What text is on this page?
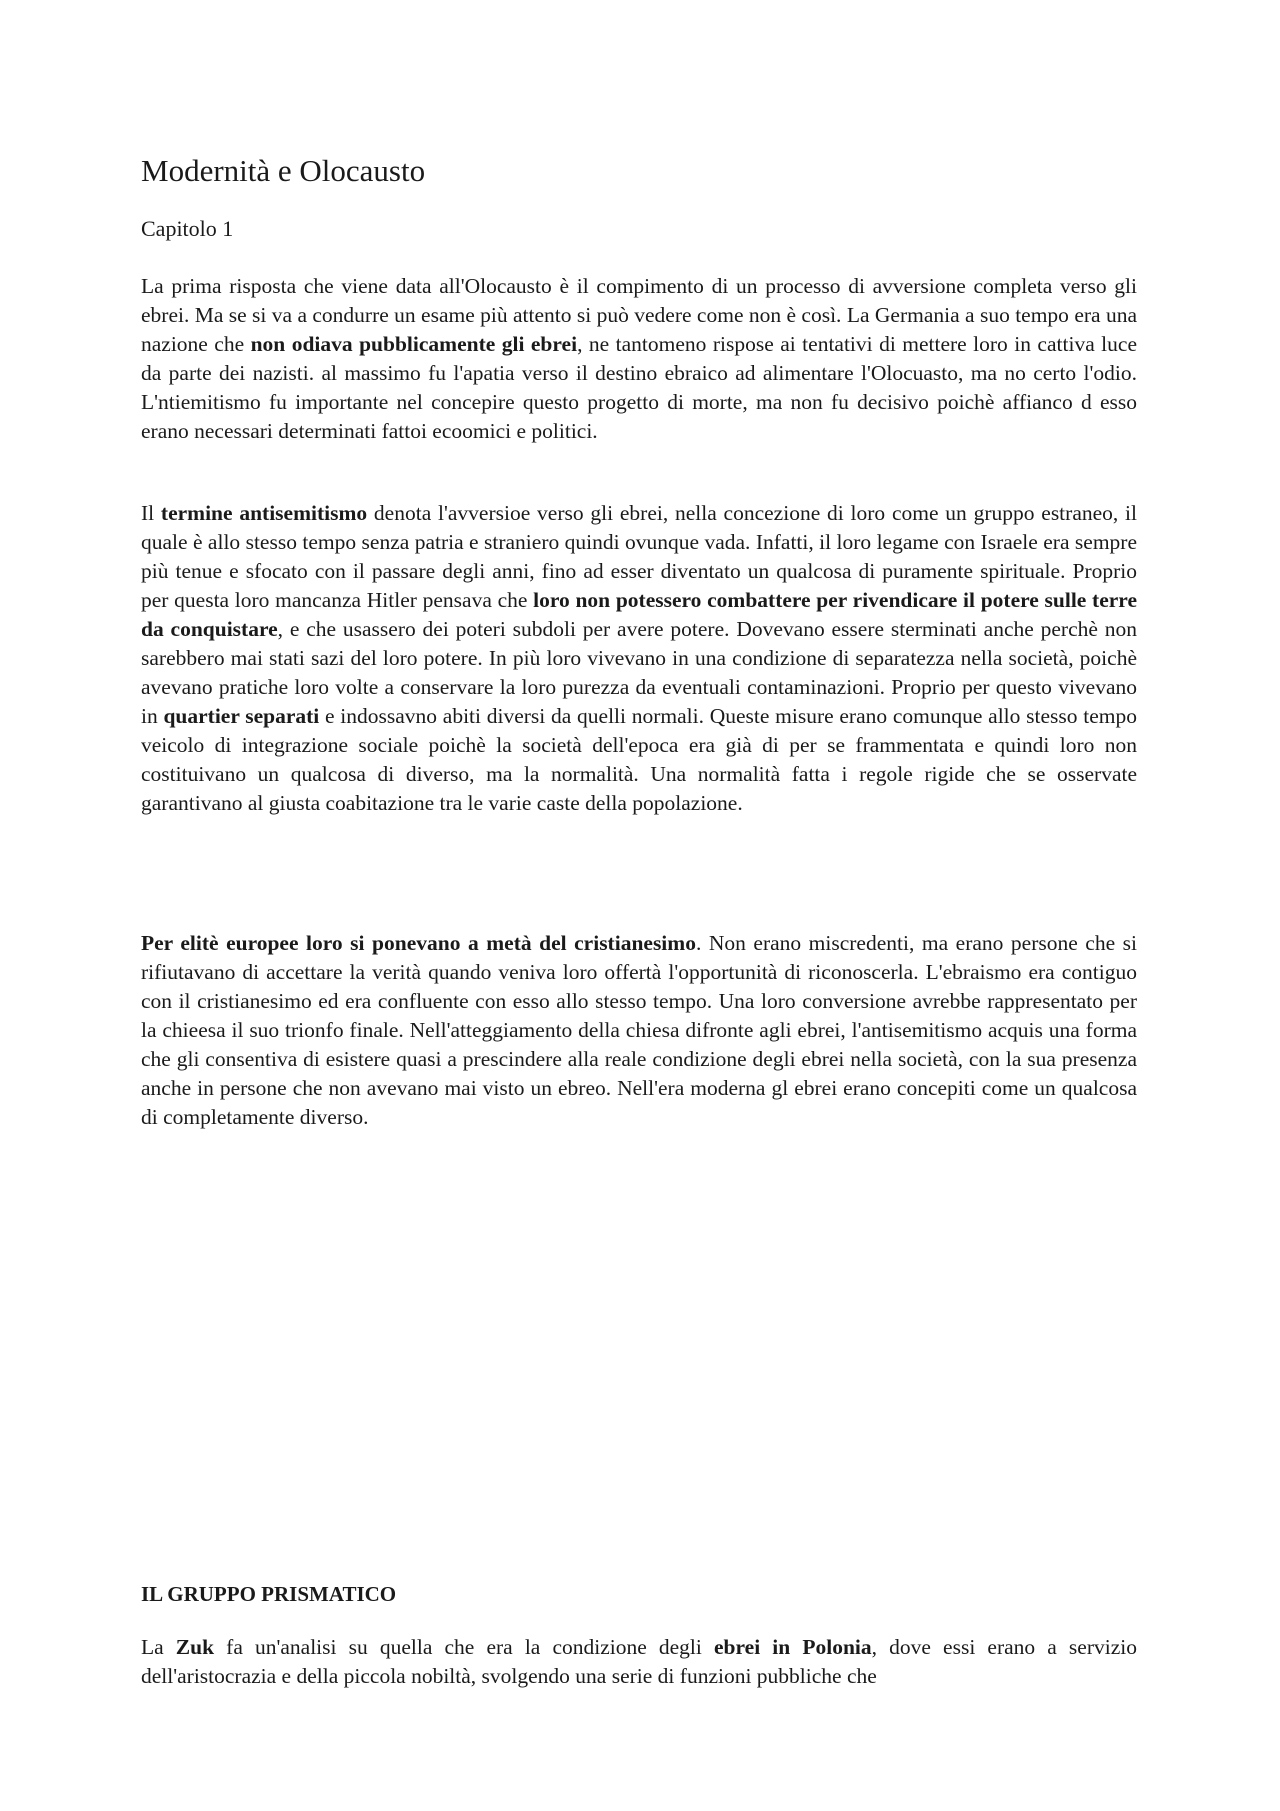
Modernità e Olocausto
Capitolo 1

La prima risposta che viene data all'Olocausto è il compimento di un processo di avversione completa verso gli ebrei. Ma se si va a condurre un esame più attento si può vedere come non è così. La Germania a suo tempo era una nazione che non odiava pubblicamente gli ebrei, ne tantomeno rispose ai tentativi di mettere loro in cattiva luce da parte dei nazisti. al massimo fu l'apatia verso il destino ebraico ad alimentare l'Olocuasto, ma no certo l'odio. L'ntiemitismo fu importante nel concepire questo progetto di morte, ma non fu decisivo poichè affianco d esso erano necessari determinati fattoi ecoomici e politici.

Il termine antisemitismo denota l'avversioe verso gli ebrei, nella concezione di loro come un gruppo estraneo, il quale è allo stesso tempo senza patria e straniero quindi ovunque vada. Infatti, il loro legame con Israele era sempre più tenue e sfocato con il passare degli anni, fino ad esser diventato un qualcosa di puramente spirituale. Proprio per questa loro mancanza Hitler pensava che loro non potessero combattere per rivendicare il potere sulle terre da conquistare, e che usassero dei poteri subdoli per avere potere. Dovevano essere sterminati anche perchè non sarebbero mai stati sazi del loro potere. In più loro vivevano in una condizione di separatezza nella società, poichè avevano pratiche loro volte a conservare la loro purezza da eventuali contaminazioni. Proprio per questo vivevano in quartier separati e indossavno abiti diversi da quelli normali. Queste misure erano comunque allo stesso tempo veicolo di integrazione sociale poichè la società dell'epoca era già di per se frammentata e quindi loro non costituivano un qualcosa di diverso, ma la normalità. Una normalità fatta i regole rigide che se osservate garantivano al giusta coabitazione tra le varie caste della popolazione.

Per elitè europee loro si ponevano a metà del cristianesimo. Non erano miscredenti, ma erano persone che si rifiutavano di accettare la verità quando veniva loro offertà l'opportunità di riconoscerla. L'ebraismo era contiguo con il cristianesimo ed era confluente con esso allo stesso tempo. Una loro conversione avrebbe rappresentato per la chieesa il suo trionfo finale. Nell'atteggiamento della chiesa difronte agli ebrei, l'antisemitismo acquis una forma che gli consentiva di esistere quasi a prescindere alla reale condizione degli ebrei nella società, con la sua presenza anche in persone che non avevano mai visto un ebreo. Nell'era moderna gl ebrei erano concepiti come un qualcosa di completamente diverso.

IL GRUPPO PRISMATICO

La Zuk fa un'analisi su quella che era la condizione degli ebrei in Polonia, dove essi erano a servizio dell'aristocrazia e della piccola nobiltà, svolgendo una serie di funzioni pubbliche che
